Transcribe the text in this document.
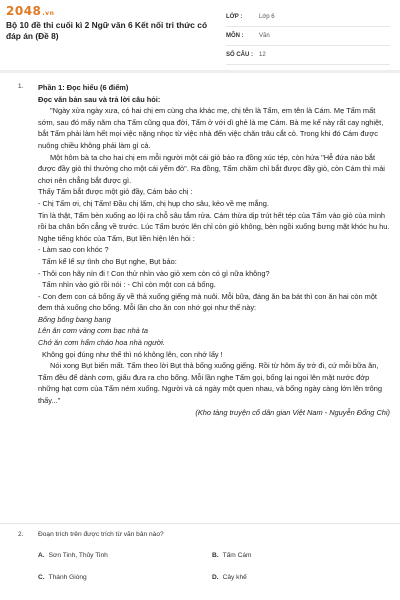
2048.vn
Bộ 10 đề thi cuối kì 2 Ngữ văn 6 Kết nối tri thức có đáp án (Đề 8)
LỚP :	Lớp 6
MÔN :	Văn
SỐ CÂU :	12
1. Phần 1: Đọc hiểu (6 điểm)

Đọc văn bản sau và trả lời câu hỏi:

"Ngày xửa ngày xưa, có hai chị em cùng cha khác mẹ, chị tên là Tấm, em tên là Cám. Mẹ Tấm mất sớm, sau đó mấy năm cha Tấm cũng qua đời, Tấm ở với dì ghẻ là mẹ Cám. Bà mẹ kế này rất cay nghiệt, bắt Tấm phải làm hết mọi việc nặng nhọc từ việc nhà đến việc chăn trâu cắt cỏ. Trong khi đó Cám được nuông chiều không phải làm gì cả.

Một hôm bà ta cho hai chị em mỗi người một cái giỏ bảo ra đồng xúc tép, còn hứa "Hễ đứa nào bắt được đầy giỏ thì thưởng cho một cái yếm đỏ". Ra đồng, Tấm chăm chỉ bắt được đầy giỏ, còn Cám thì mải chơi nên chẳng bắt được gì.

Thấy Tấm bắt được một giỏ đầy, Cám bảo chị :

- Chị Tấm ơi, chị Tấm! Đầu chị lấm, chị hụp cho sâu, kẻo về mẹ mắng.

Tin là thật, Tấm bèn xuống ao lội ra chỗ sâu tắm rửa. Cám thừa dịp trút hết tép của Tấm vào giỏ của mình rồi ba chân bốn cẳng về trước. Lúc Tấm bước lên chỉ còn giỏ không, bèn ngồi xuống bưng mặt khóc hu hu. Nghe tiếng khóc của Tấm, Bụt liền hiện lên hỏi :

- Làm sao con khóc ?

Tấm kể lể sự tình cho Bụt nghe, Bụt bảo:

- Thôi con hãy nín đi ! Con thử nhìn vào giỏ xem còn có gì nữa không?

Tấm nhìn vào giỏ rồi nói : - Chỉ còn một con cá bống.

- Con đem con cá bống ấy về thả xuống giếng mà nuôi. Mỗi bữa, đáng ăn ba bát thì con ăn hai còn một đem thả xuống cho bống. Mỗi lần cho ăn con nhớ gọi như thế này:

Bống bống bang bang

Lên ăn cơm vàng cơm bạc nhà ta

Chớ ăn cơm hẩm cháo hoa nhà người.

Không gọi đúng như thế thì nó không lên, con nhớ lấy !

Nói xong Bụt biến mất. Tấm theo lời Bụt thả bống xuống giếng. Rồi từ hôm ấy trở đi, cứ mỗi bữa ăn, Tấm đều để dành cơm, giấu đưa ra cho bống. Mỗi lần nghe Tấm gọi, bống lại ngoi lên mặt nước đớp những hạt cơm của Tấm ném xuống. Người và cá ngày một quen nhau, và bống ngày càng lớn lên trông thấy..."

(Kho tàng truyện cổ dân gian Việt Nam - Nguyễn Đổng Chi)

2. Đoạn trích trên được trích từ văn bản nào?
A. Sơn Tinh, Thủy Tinh	B. Tấm Cám
C. Thánh Gióng	D. Cây khế
